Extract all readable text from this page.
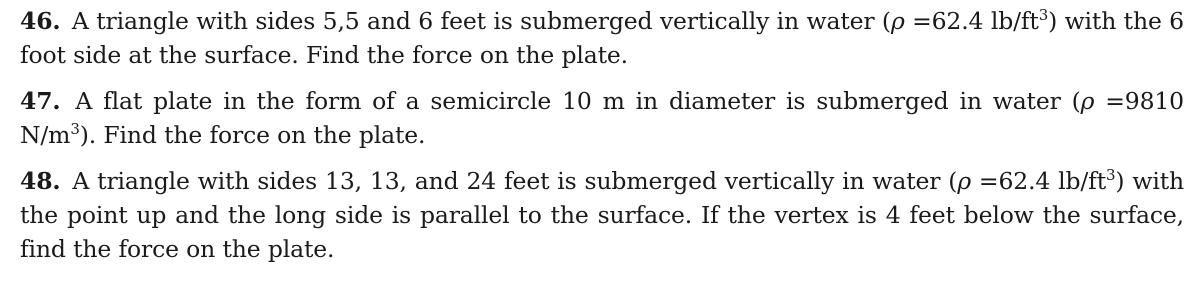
46. A triangle with sides 5,5 and 6 feet is submerged vertically in water (ρ =62.4 $lb/ft^3$) with the 6 foot side at the surface. Find the force on the plate.

47. A flat plate in the form of a semicircle 10 m in diameter is submerged in water (ρ =9810 $N/m^3$). Find the force on the plate.

48. A triangle with sides 13, 13, and 24 feet is submerged vertically in water (ρ =62.4 $lb/ft^3$) with the point up and the long side is parallel to the surface. If the vertex is 4 feet below the surface, find the force on the plate.
